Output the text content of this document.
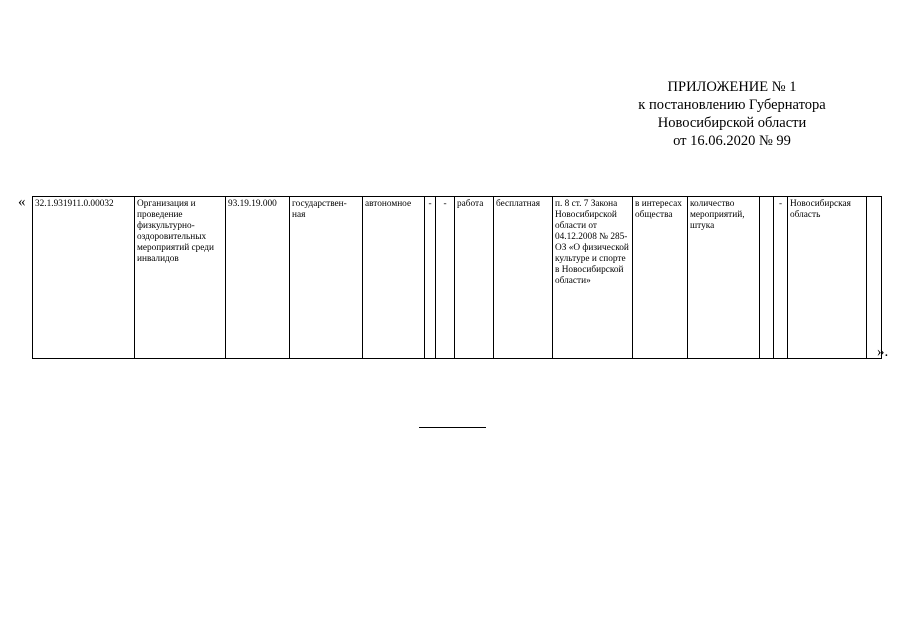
ПРИЛОЖЕНИЕ № 1
к постановлению Губернатора
Новосибирской области
от 16.06.2020 № 99
« 32.1.931911.0.00032	Организация и проведение физкультурно-оздоровительных мероприятий среди инвалидов	93.19.19.000	государствен-ная	автономное	-	-	работа	бесплатная	п. 8 ст. 7 Закона Новосибирской области от 04.12.2008 № 285-ОЗ «О физической культуре и спорте в Новосибирской области»	в интересах общества	количество мероприятий, штука		-	Новосибирская область	
».
